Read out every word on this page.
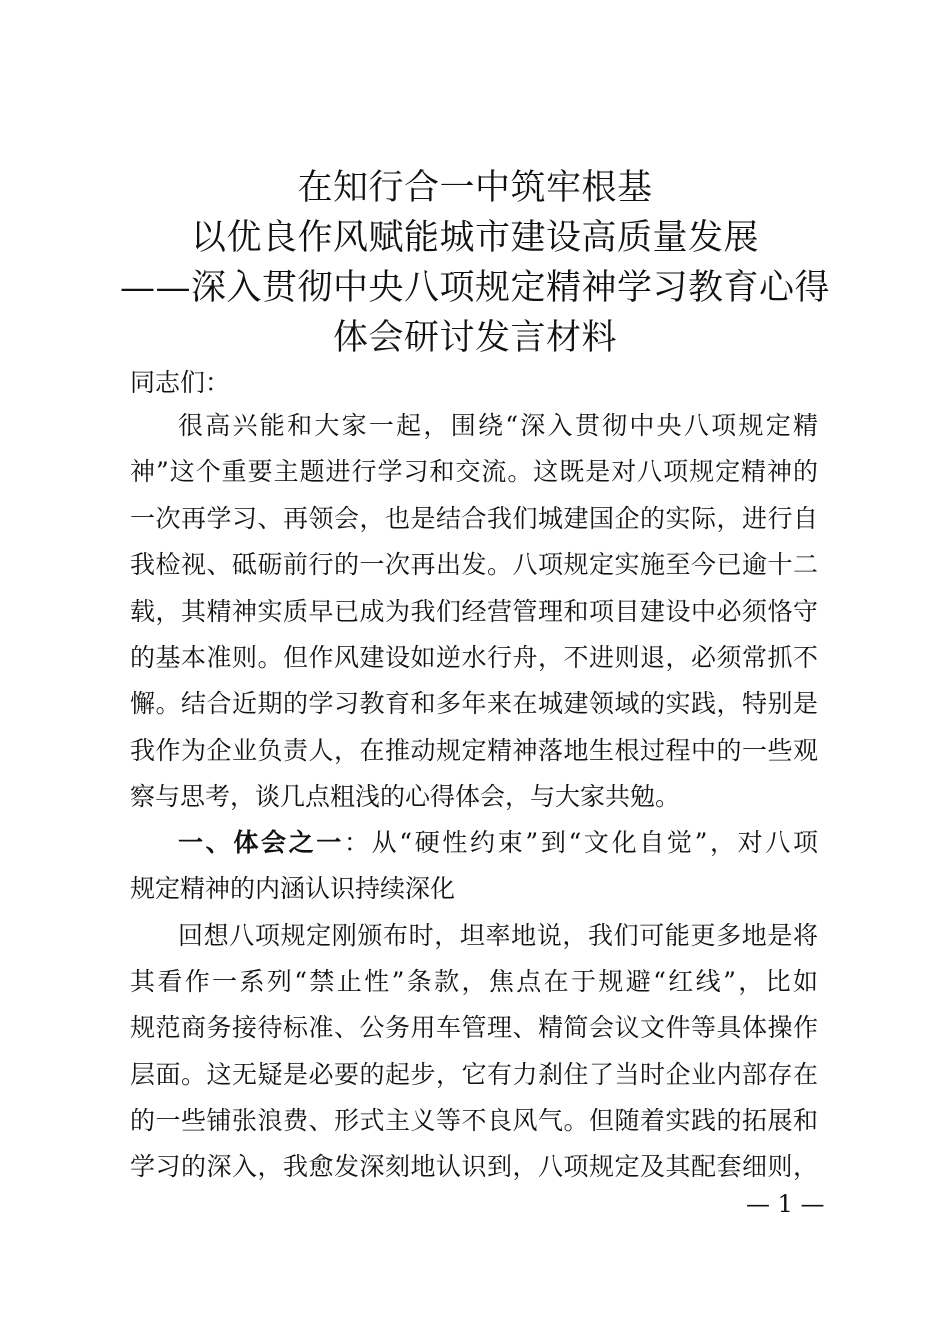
在知行合一中筑牢根基
以优良作风赋能城市建设高质量发展
——深入贯彻中央八项规定精神学习教育心得
体会研讨发言材料
同志们：
很高兴能和大家一起，围绕“深入贯彻中央八项规定精
神”这个重要主题进行学习和交流。这既是对八项规定精神的
一次再学习、再领会，也是结合我们城建国企的实际，进行自
我检视、砥砺前行的一次再出发。八项规定实施至今已逾十二
载，其精神实质早已成为我们经营管理和项目建设中必须恪守
的基本准则。但作风建设如逆水行舟，不进则退，必须常抓不
懈。结合近期的学习教育和多年来在城建领域的实践，特别是
我作为企业负责人，在推动规定精神落地生根过程中的一些观
察与思考，谈几点粗浅的心得体会，与大家共勉。
一、体会之一：从“硬性约束”到“文化自觉”，对八项
规定精神的内涵认识持续深化
回想八项规定刚颁布时，坦率地说，我们可能更多地是将
其看作一系列“禁止性”条款，焦点在于规避“红线”，比如
规范商务接待标准、公务用车管理、精简会议文件等具体操作
层面。这无疑是必要的起步，它有力刹住了当时企业内部存在
的一些铺张浪费、形式主义等不良风气。但随着实践的拓展和
学习的深入，我愈发深刻地认识到，八项规定及其配套细则，
— 1 —
